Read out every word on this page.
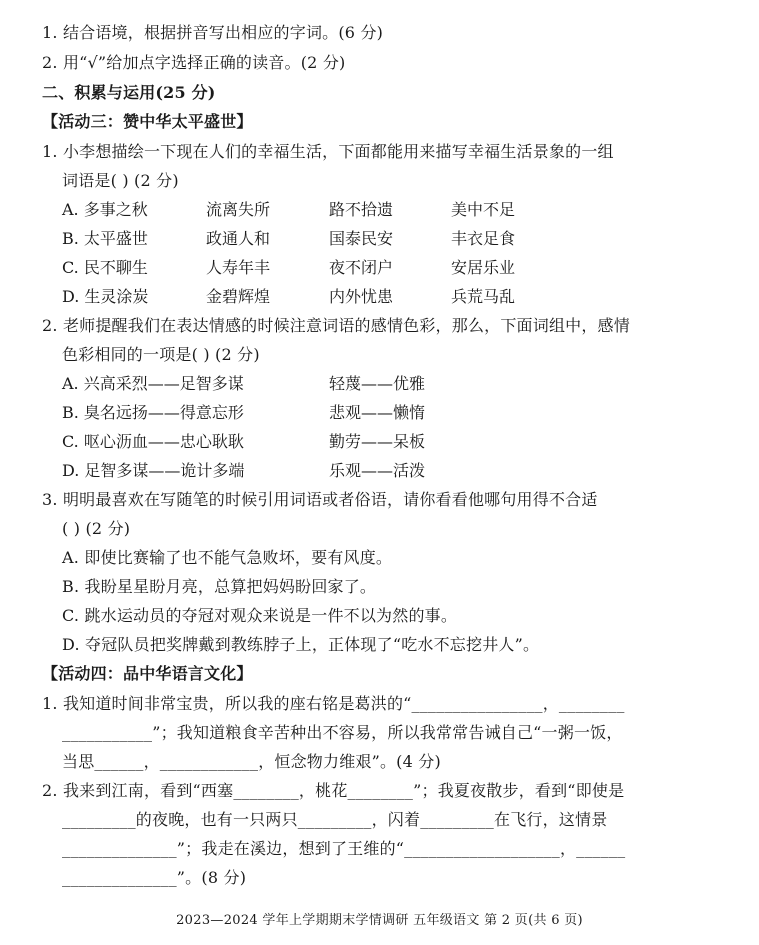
1. 结合语境，根据拼音写出相应的字词。(6 分)
2. 用“√”给加点字选择正确的读音。(2 分)
二、积累与运用(25 分)
【活动三：赞中华太平盛世】
1. 小李想描绘一下现在人们的幸福生活，下面都能用来描写幸福生活景象的一组
词语是( ) (2 分)
A. 多事之秋	流离失所	路不拾遗	美中不足
B. 太平盛世	政通人和	国泰民安	丰衣足食
C. 民不聊生	人寿年丰	夜不闭户	安居乐业
D. 生灵涂炭	金碧辉煌	内外忧患	兵荒马乱
2. 老师提醒我们在表达情感的时候注意词语的感情色彩，那么，下面词组中，感情
色彩相同的一项是( ) (2 分)
A. 兴高采烈——足智多谋	轻蔑——优雅
B. 臭名远扬——得意忘形	悲观——懒惰
C. 呕心沥血——忠心耿耿	勤劳——呆板
D. 足智多谋——诡计多端	乐观——活泼
3. 明明最喜欢在写随笔的时候引用词语或者俗语，请你看看他哪句用得不合适
( ) (2 分)
A. 即使比赛输了也不能气急败坏，要有风度。
B. 我盼星星盼月亮，总算把妈妈盼回家了。
C. 跳水运动员的夺冠对观众来说是一件不以为然的事。
D. 夺冠队员把奖牌戴到教练脖子上，正体现了“吃水不忘挖井人”。
【活动四：品中华语言文化】
1. 我知道时间非常宝贵，所以我的座右铭是葛洪的“________________，________
___________”；我知道粮食辛苦种出不容易，所以我常常告诫自己“一粥一饭，
当思______，____________，恒念物力维艰”。(4 分)
2. 我来到江南，看到“西塞________，桃花________”；我夏夜散步，看到“即使是
_________的夜晚，也有一只两只_________，闪着_________在飞行，这情景
______________”；我走在溪边，想到了王维的“___________________，______
______________”。(8 分)
2023—2024 学年上学期期末学情调研 五年级语文 第 2 页(共 6 页)
